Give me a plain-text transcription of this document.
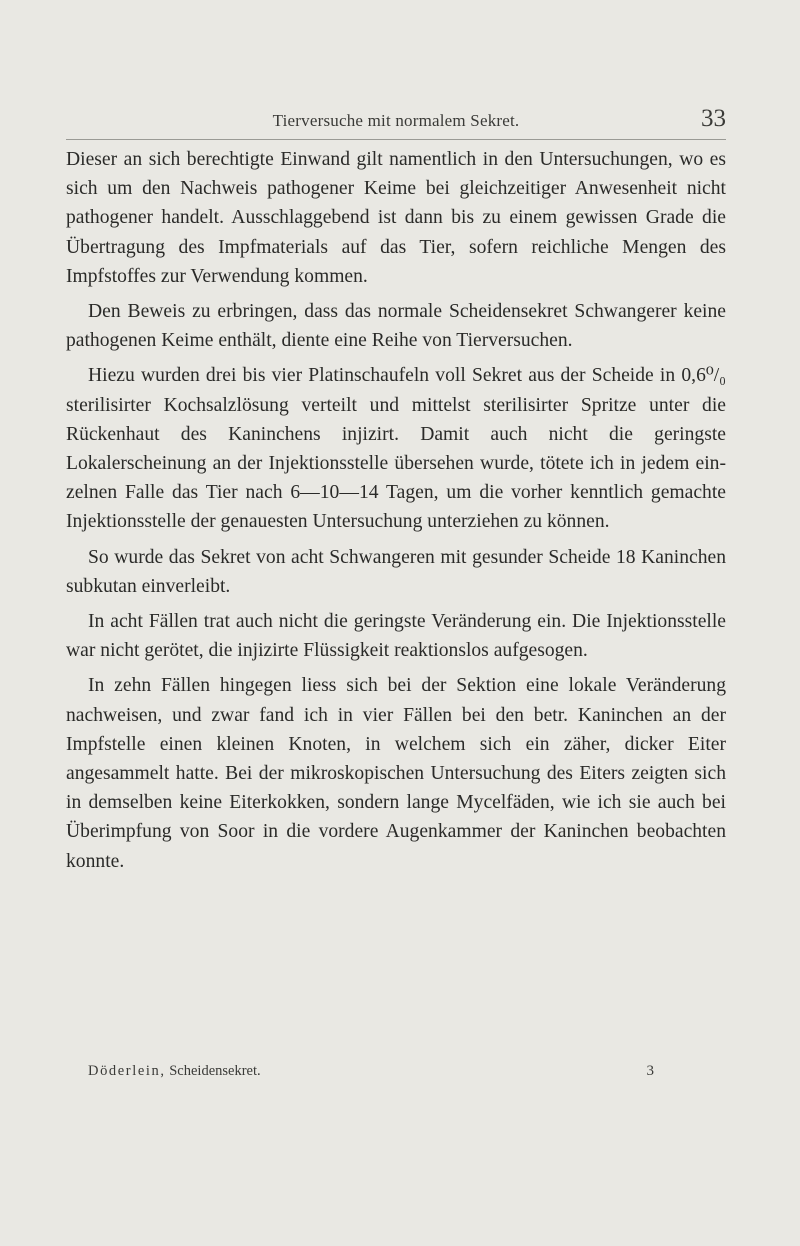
Tierversuche mit normalem Sekret.	33

Dieser an sich berechtigte Einwand gilt namentlich in den Untersuchungen, wo es sich um den Nachweis pathogener Keime bei gleichzeitiger Anwesenheit nicht pathogener handelt. Ausschlaggebend ist dann bis zu einem gewissen Grade die Übertragung des Impfmaterials auf das Tier, sofern reichliche Mengen des Impfstoffes zur Verwendung kommen.

Den Beweis zu erbringen, dass das normale Scheidensekret Schwangerer keine pathogenen Keime enthält, diente eine Reihe von Tierversuchen.

Hiezu wurden drei bis vier Platinschaufeln voll Sekret aus der Scheide in 0,6⁰/₀ sterilisirter Kochsalzlösung verteilt und mittelst sterilisirter Spritze unter die Rückenhaut des Kaninchens injizirt. Damit auch nicht die geringste Lokalerscheinung an der Injektionsstelle übersehen wurde, tötete ich in jedem einzelnen Falle das Tier nach 6—10—14 Tagen, um die vorher kenntlich gemachte Injektionsstelle der genauesten Untersuchung unterziehen zu können.

So wurde das Sekret von acht Schwangeren mit gesunder Scheide 18 Kaninchen subkutan einverleibt.

In acht Fällen trat auch nicht die geringste Veränderung ein. Die Injektionsstelle war nicht gerötet, die injizirte Flüssigkeit reaktionslos aufgesogen.

In zehn Fällen hingegen liess sich bei der Sektion eine lokale Veränderung nachweisen, und zwar fand ich in vier Fällen bei den betr. Kaninchen an der Impfstelle einen kleinen Knoten, in welchem sich ein zäher, dicker Eiter angesammelt hatte. Bei der mikroskopischen Untersuchung des Eiters zeigten sich in demselben keine Eiterkokken, sondern lange Mycelfäden, wie ich sie auch bei Überimpfung von Soor in die vordere Augenkammer der Kaninchen beobachten konnte.

Döderlein, Scheidensekret.	3
